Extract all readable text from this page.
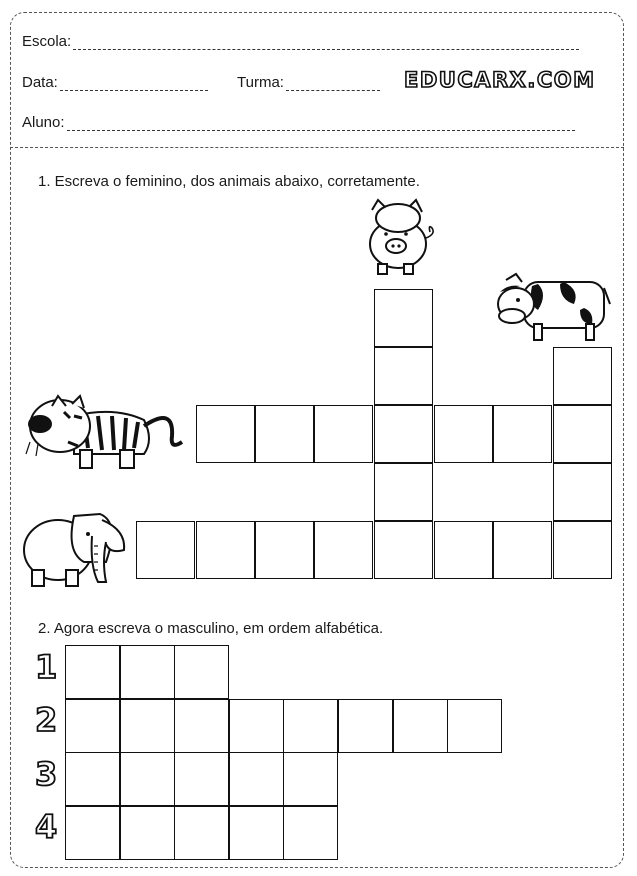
Escola:
Data:	Turma:	EDUCARX.COM
Aluno:
1. Escreva o feminino, dos animais abaixo, corretamente.
2. Agora escreva o masculino, em ordem alfabética.
1
2
3
4
